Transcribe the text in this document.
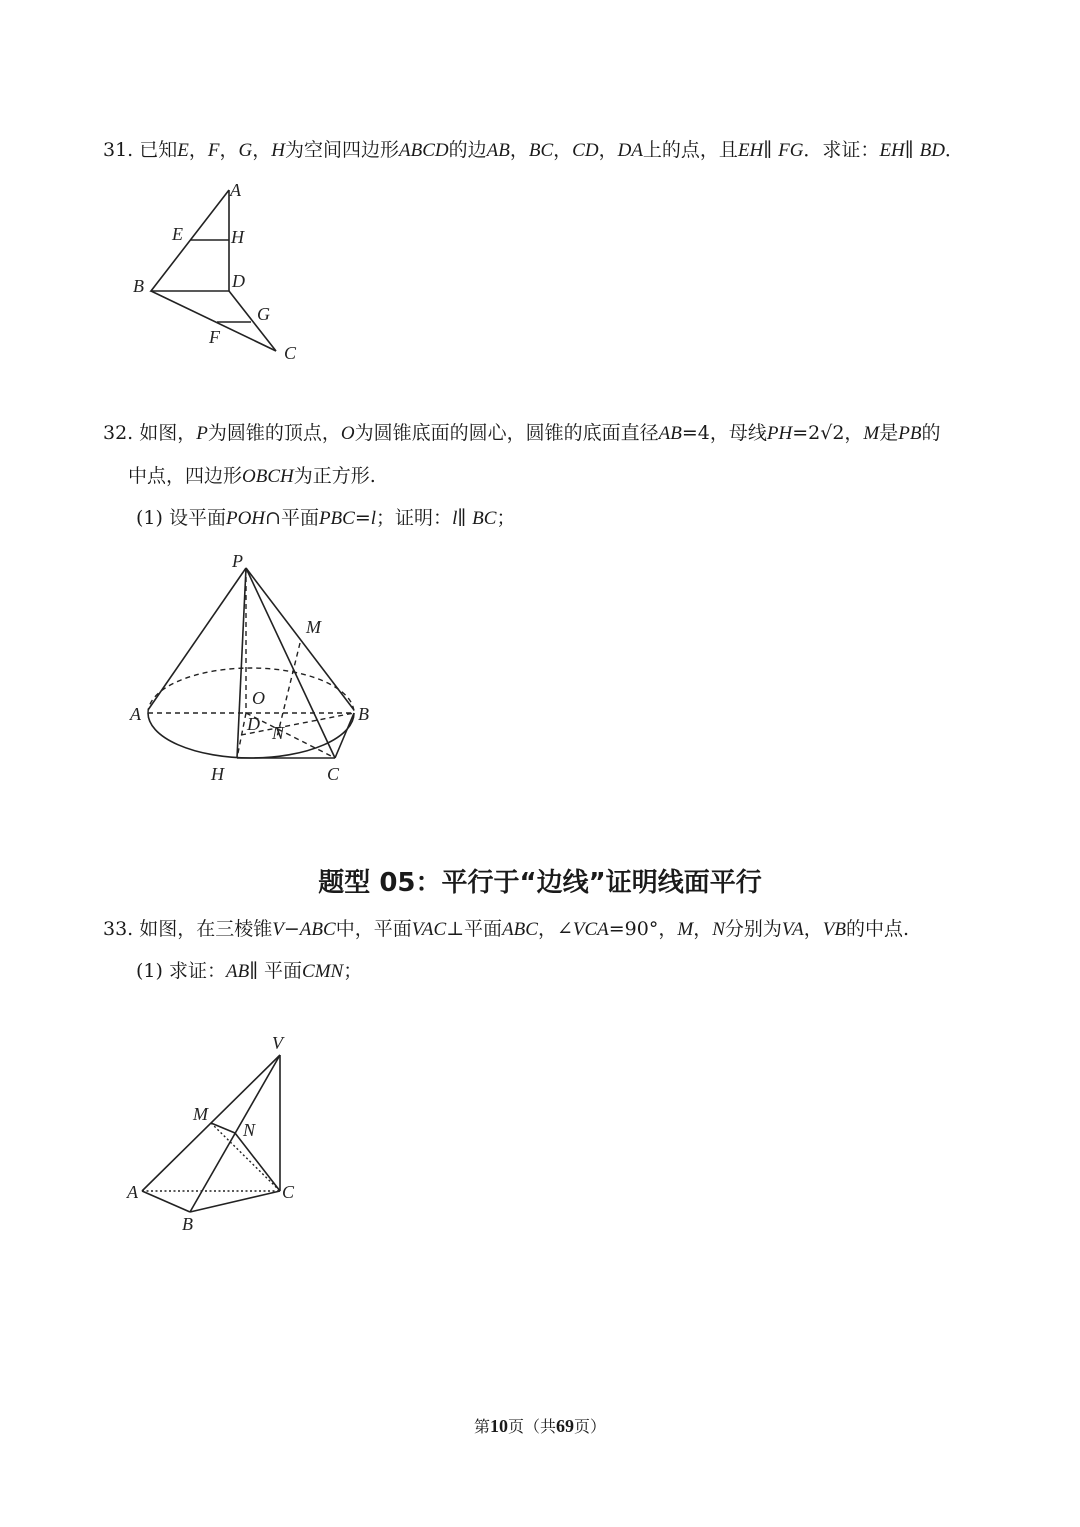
31. 已知E，F，G，H为空间四边形ABCD的边AB，BC，CD，DA上的点，且EH∥ FG．求证：EH∥ BD．
A
E	H
B	D
G
F
C
32. 如图，P为圆锥的顶点，O为圆锥底面的圆心，圆锥的底面直径AB=4，母线PH=2√2，M是PB的
中点，四边形OBCH为正方形.
(1) 设平面POH∩平面PBC=l；证明：l∥ BC；
P
M
O
A	B
D N
H	C
题型 05：平行于“边线”证明线面平行
33. 如图，在三棱锥V−ABC中，平面VAC⊥平面ABC，∠VCA=90°，M，N分别为VA，VB的中点.
(1) 求证：AB∥ 平面CMN；
V
M
N
A	C
B
第10页（共69页）
